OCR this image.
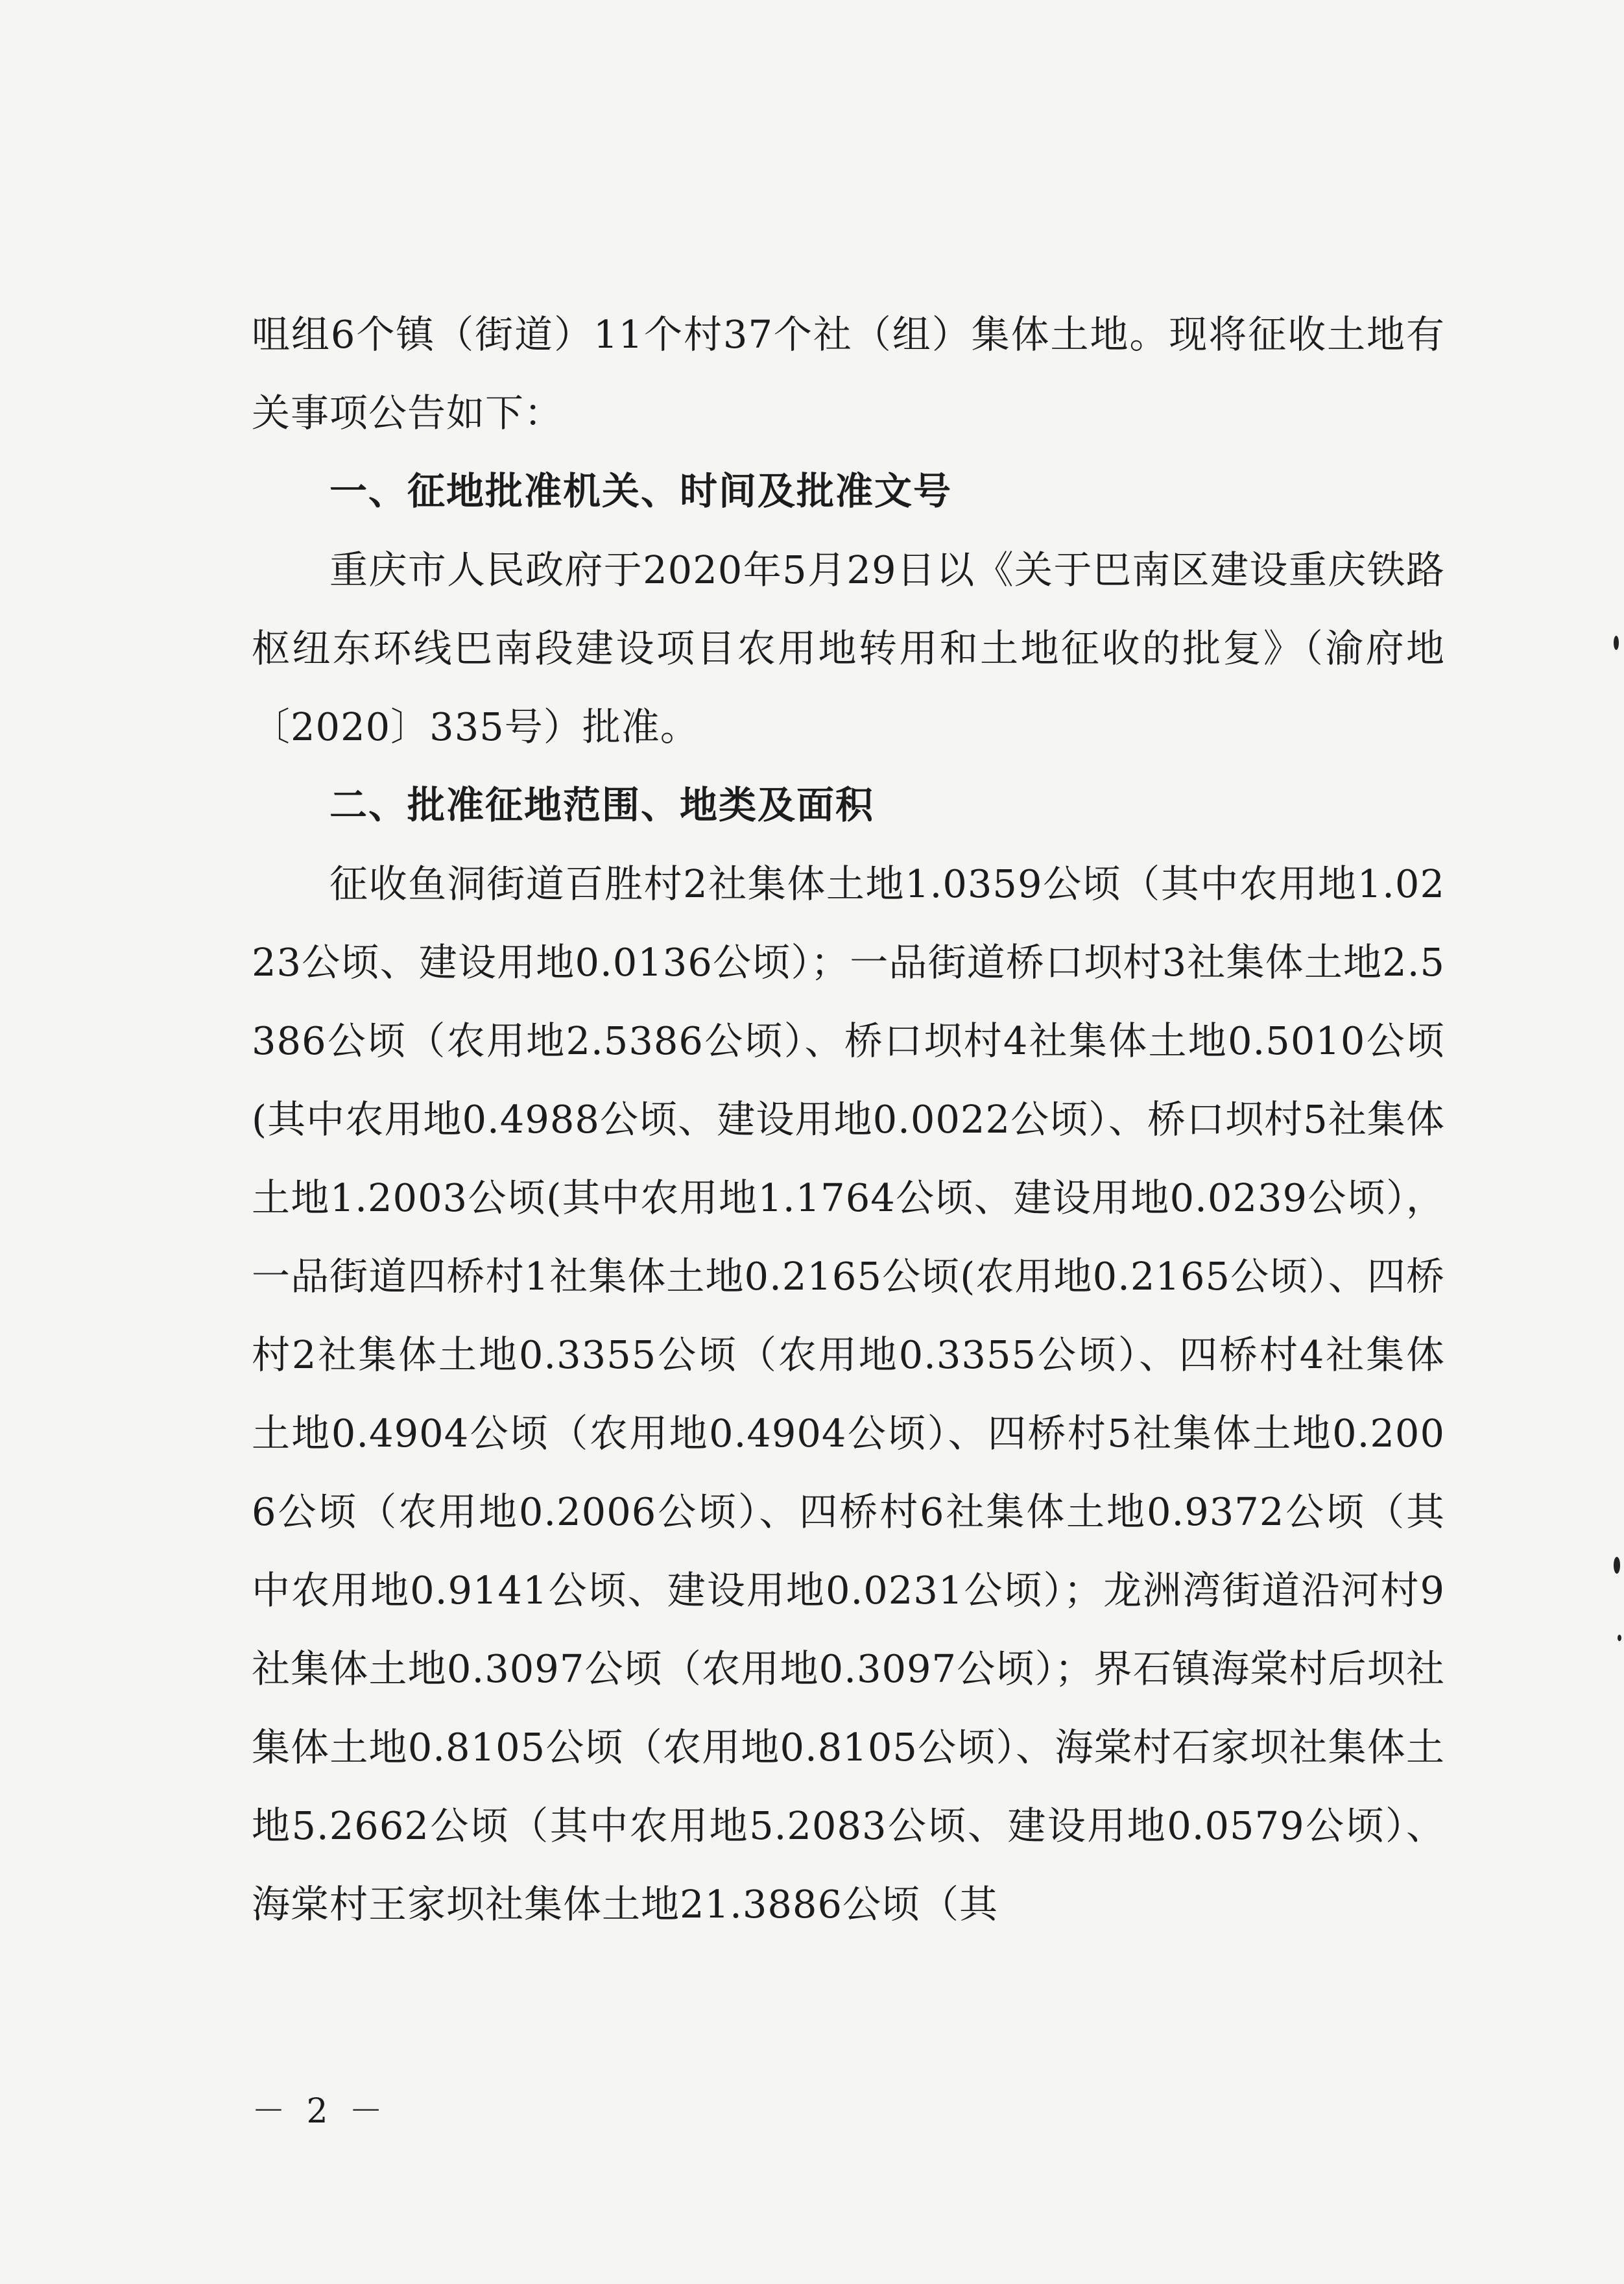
咀组6个镇（街道）11个村37个社（组）集体土地。现将征收土地有关事项公告如下：

一、征地批准机关、时间及批准文号

重庆市人民政府于2020年5月29日以《关于巴南区建设重庆铁路枢纽东环线巴南段建设项目农用地转用和土地征收的批复》（渝府地〔2020〕335号）批准。

二、批准征地范围、地类及面积

征收鱼洞街道百胜村2社集体土地1.0359公顷（其中农用地1.0223公顷、建设用地0.0136公顷）；一品街道桥口坝村3社集体土地2.5386公顷（农用地2.5386公顷）、桥口坝村4社集体土地0.5010公顷(其中农用地0.4988公顷、建设用地0.0022公顷）、桥口坝村5社集体土地1.2003公顷(其中农用地1.1764公顷、建设用地0.0239公顷），一品街道四桥村1社集体土地0.2165公顷(农用地0.2165公顷）、四桥村2社集体土地0.3355公顷（农用地0.3355公顷）、四桥村4社集体土地0.4904公顷（农用地0.4904公顷）、四桥村5社集体土地0.2006公顷（农用地0.2006公顷）、四桥村6社集体土地0.9372公顷（其中农用地0.9141公顷、建设用地0.0231公顷）；龙洲湾街道沿河村9社集体土地0.3097公顷（农用地0.3097公顷）；界石镇海棠村后坝社集体土地0.8105公顷（农用地0.8105公顷）、海棠村石家坝社集体土地5.2662公顷（其中农用地5.2083公顷、建设用地0.0579公顷）、海棠村王家坝社集体土地21.3886公顷（其

－ 2 －
